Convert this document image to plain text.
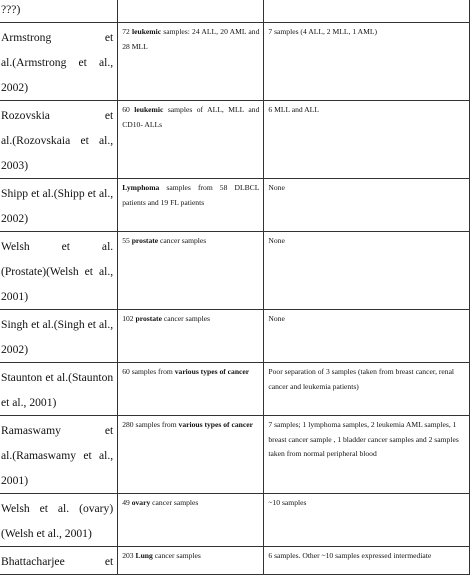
???)		

Armstrong et
al.(Armstrong et al., 2002)	72 leukemic samples: 24 ALL, 20 AML and 28 MLL	7 samples (4 ALL, 2 MLL, 1 AML)

Rozovskia et
al.(Rozovskaia et al., 2003)	60 leukemic samples of ALL, MLL and CD10- ALLs	6 MLL and ALL
Shipp et al.(Shipp et al., 2002)	Lymphoma samples from 58 DLBCL patients and 19 FL patients	None

Welsh et al.
(Prostate)(Welsh et al., 2001)	55 prostate cancer samples	None
Singh et al.(Singh et al., 2002)	102 prostate cancer samples	None
Staunton et al.(Staunton et al., 2001)	60 samples from various types of cancer	Poor separation of 3 samples (taken from breast cancer, renal cancer and leukemia patients)

Ramaswamy et
al.(Ramaswamy et al., 2001)	280 samples from various types of cancer	7 samples; 1 lymphoma samples, 2 leukemia AML samples, 1 breast cancer sample , 1 bladder cancer samples and 2 samples taken from normal peripheral blood
Welsh et al. (ovary)(Welsh et al., 2001)	49 ovary cancer samples	~10 samples

Bhattacharjee et	203 Lung cancer samples	6 samples. Other ~10 samples expressed intermediate
